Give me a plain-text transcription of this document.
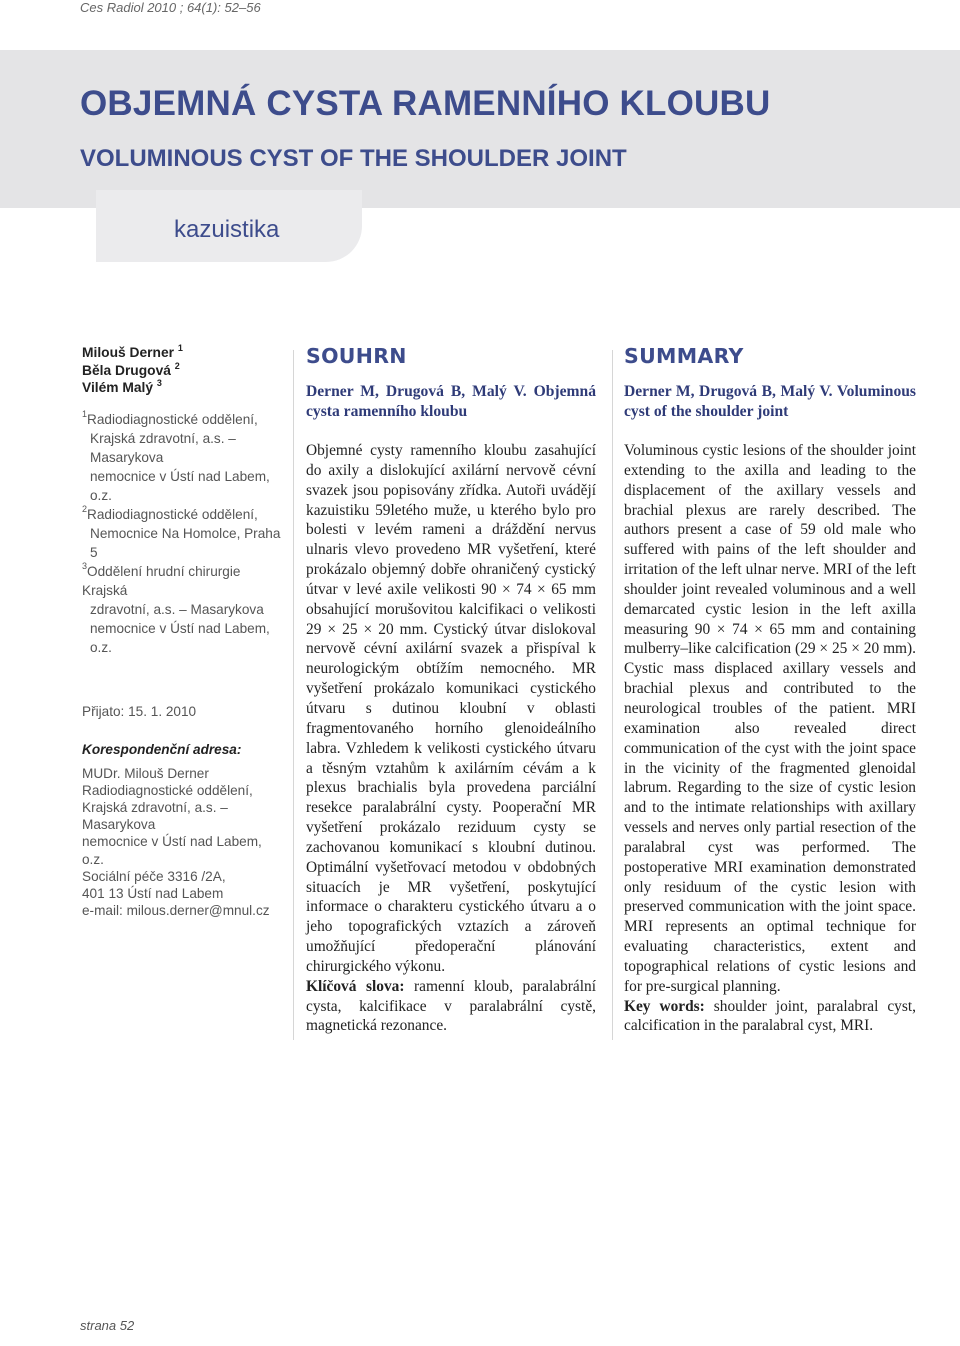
Ces Radiol 2010 ; 64(1): 52–56
OBJEMNÁ CYSTA RAMENNÍHO KLOUBU
VOLUMINOUS CYST OF THE SHOULDER JOINT
kazuistika
Milouš Derner $^1$
Běla Drugová $^2$
Vilém Malý $^3$
$^1$Radiodiagnostické oddělení,
Krajská zdravotní, a.s. – Masarykova
nemocnice v Ústí nad Labem, o.z.
$^2$Radiodiagnostické oddělení,
Nemocnice Na Homolce, Praha 5
$^3$Oddělení hrudní chirurgie Krajská
zdravotní, a.s. – Masarykova
nemocnice v Ústí nad Labem, o.z.
Přijato: 15. 1. 2010
Korespondenční adresa:
MUDr. Milouš Derner
Radiodiagnostické oddělení,
Krajská zdravotní, a.s. – Masarykova
nemocnice v Ústí nad Labem, o.z.
Sociální péče 3316 /2A,
401 13 Ústí nad Labem
e-mail: milous.derner@mnul.cz
SOUHRN
Derner M, Drugová B, Malý V. Objemná cysta ramenního kloubu
Objemné cysty ramenního kloubu zasahující do axily a dislokující axilární nervově cévní svazek jsou popisovány zřídka. Autoři uvádějí kazuistiku 59letého muže, u kterého bylo pro bolesti v levém rameni a dráždění nervus ulnaris vlevo provedeno MR vyšetření, které prokázalo objemný dobře ohraničený cystický útvar v levé axile velikosti 90 × 74 × 65 mm obsahující morušovitou kalcifikaci o velikosti 29 × 25 × 20 mm. Cystický útvar dislokoval nervově cévní axilární svazek a přispíval k neurologickým obtížím nemocného. MR vyšetření prokázalo komunikaci cystického útvaru s dutinou kloubní v oblasti fragmentovaného horního glenoideálního labra. Vzhledem k velikosti cystického útvaru a těsným vztahům k axilárním cévám a k plexus brachialis byla provedena parciální resekce paralabrální cysty. Pooperační MR vyšetření prokázalo reziduum cysty se zachovanou komunikací s kloubní dutinou. Optimální vyšetřovací metodou v obdobných situacích je MR vyšetření, poskytující informace o charakteru cystického útvaru a o jeho topografických vztazích a zároveň umožňující předoperační plánování chirurgického výkonu.
Klíčová slova: ramenní kloub, paralabrální cysta, kalcifikace v paralabrální cystě, magnetická rezonance.
SUMMARY
Derner M, Drugová B, Malý V. Voluminous cyst of the shoulder joint
Voluminous cystic lesions of the shoulder joint extending to the axilla and leading to the displacement of the axillary vessels and brachial plexus are rarely described. The authors present a case of 59 old male who suffered with pains of the left shoulder and irritation of the left ulnar nerve. MRI of the left shoulder joint revealed voluminous and a well demarcated cystic lesion in the left axilla measuring 90 × 74 × 65 mm and containing mulberry–like calcification (29 × 25 × 20 mm). Cystic mass displaced axillary vessels and brachial plexus and contributed to the neurological troubles of the patient. MRI examination also revealed direct communication of the cyst with the joint space in the vicinity of the fragmented glenoidal labrum. Regarding to the size of cystic lesion and to the intimate relationships with axillary vessels and nerves only partial resection of the paralabral cyst was performed. The postoperative MRI examination demonstrated only residuum of the cystic lesion with preserved communication with the joint space. MRI represents an optimal technique for evaluating characteristics, extent and topographical relations of cystic lesions and for pre-surgical planning.
Key words: shoulder joint, paralabral cyst, calcification in the paralabral cyst, MRI.
strana 52
